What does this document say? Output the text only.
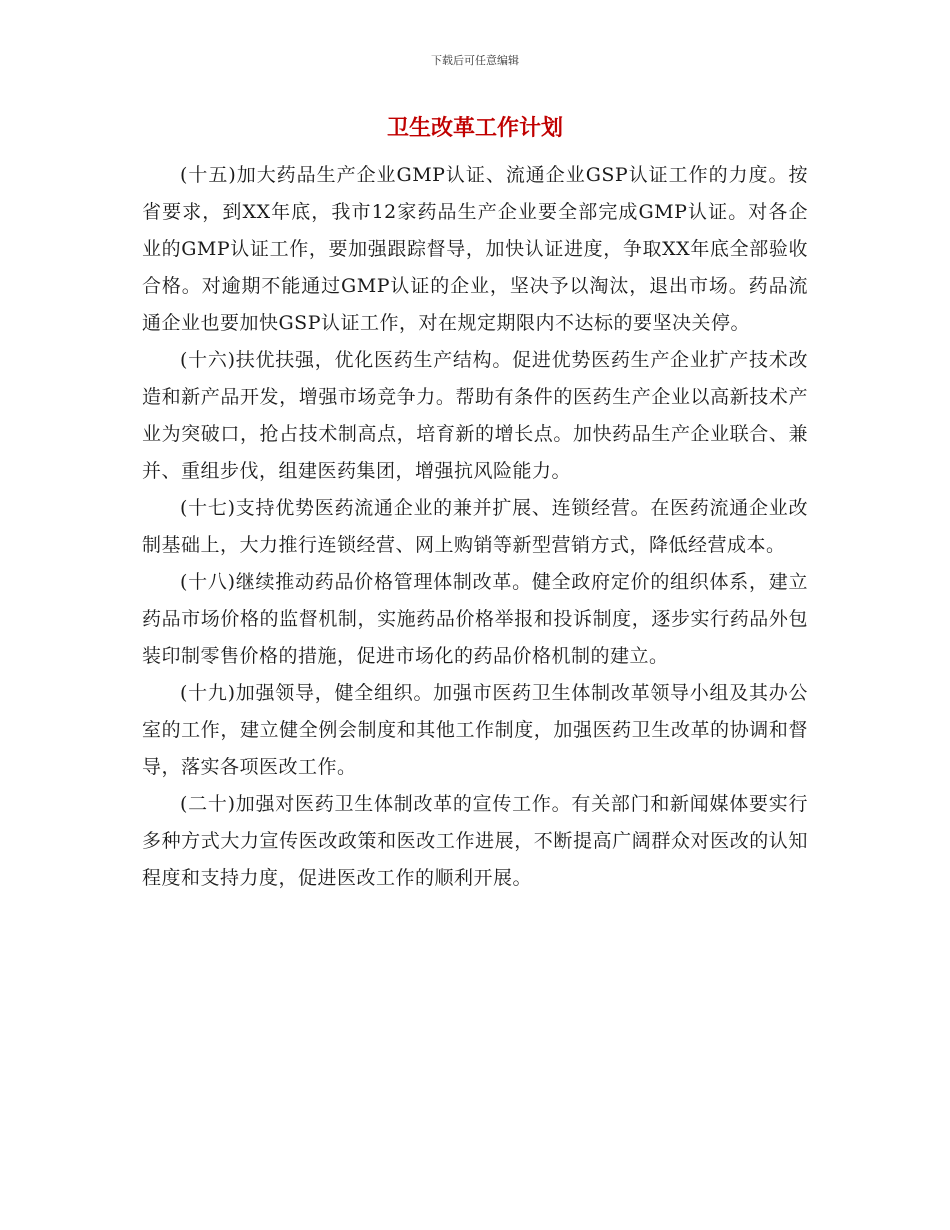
下载后可任意编辑
卫生改革工作计划

(十五)加大药品生产企业GMP认证、流通企业GSP认证工作的力度。按省要求，到XX年底，我市12家药品生产企业要全部完成GMP认证。对各企业的GMP认证工作，要加强跟踪督导，加快认证进度，争取XX年底全部验收合格。对逾期不能通过GMP认证的企业，坚决予以淘汰，退出市场。药品流通企业也要加快GSP认证工作，对在规定期限内不达标的要坚决关停。

(十六)扶优扶强，优化医药生产结构。促进优势医药生产企业扩产技术改造和新产品开发，增强市场竞争力。帮助有条件的医药生产企业以高新技术产业为突破口，抢占技术制高点，培育新的增长点。加快药品生产企业联合、兼并、重组步伐，组建医药集团，增强抗风险能力。

(十七)支持优势医药流通企业的兼并扩展、连锁经营。在医药流通企业改制基础上，大力推行连锁经营、网上购销等新型营销方式，降低经营成本。

(十八)继续推动药品价格管理体制改革。健全政府定价的组织体系，建立药品市场价格的监督机制，实施药品价格举报和投诉制度，逐步实行药品外包装印制零售价格的措施，促进市场化的药品价格机制的建立。

(十九)加强领导，健全组织。加强市医药卫生体制改革领导小组及其办公室的工作，建立健全例会制度和其他工作制度，加强医药卫生改革的协调和督导，落实各项医改工作。

(二十)加强对医药卫生体制改革的宣传工作。有关部门和新闻媒体要实行多种方式大力宣传医改政策和医改工作进展，不断提高广阔群众对医改的认知程度和支持力度，促进医改工作的顺利开展。
